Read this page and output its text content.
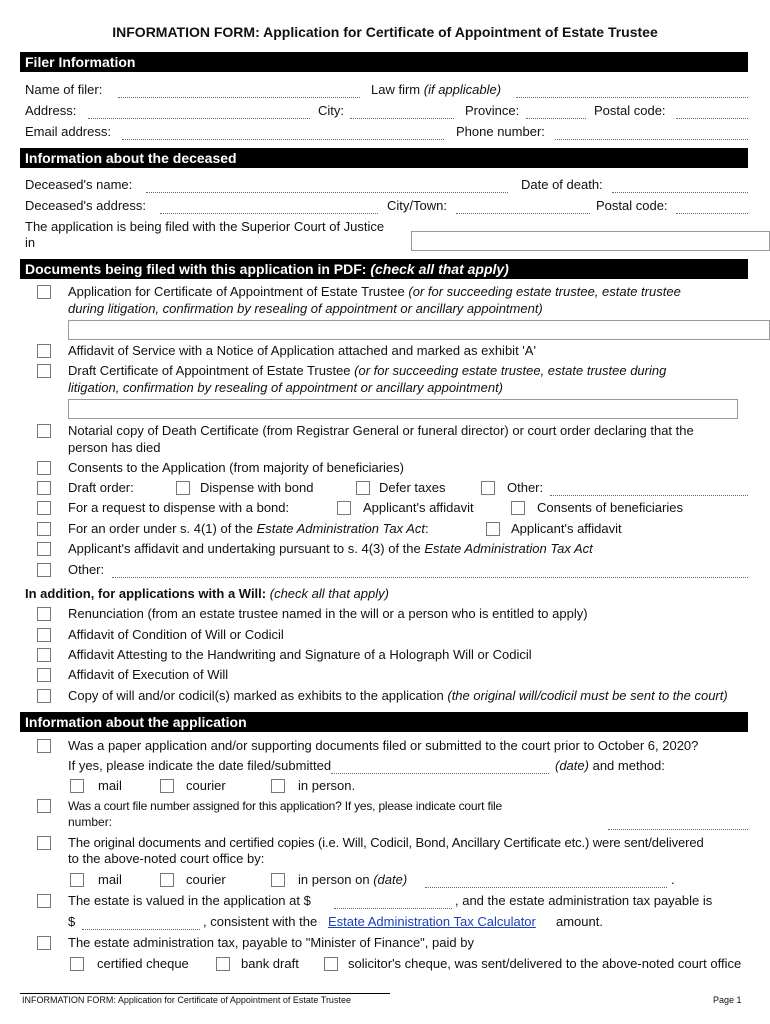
INFORMATION FORM: Application for Certificate of Appointment of Estate Trustee
Filer Information
Name of filer:	Law firm (if applicable)
Address:	City:	Province:	Postal code:
Email address:	Phone number:
Information about the deceased
Deceased's name:	Date of death:
Deceased's address:	City/Town:	Postal code:
The application is being filed with the Superior Court of Justice
in
Documents being filed with this application in PDF: (check all that apply)
Application for Certificate of Appointment of Estate Trustee (or for succeeding estate trustee, estate trustee
during litigation, confirmation by resealing of appointment or ancillary appointment)
Affidavit of Service with a Notice of Application attached and marked as exhibit 'A'
Draft Certificate of Appointment of Estate Trustee (or for succeeding estate trustee, estate trustee during
litigation, confirmation by resealing of appointment or ancillary appointment)
Notarial copy of Death Certificate (from Registrar General or funeral director) or court order declaring that the
person has died
Consents to the Application (from majority of beneficiaries)
Draft order:	Dispense with bond	Defer taxes	Other:
For a request to dispense with a bond:	Applicant's affidavit	Consents of beneficiaries
For an order under s. 4(1) of the Estate Administration Tax Act:	Applicant's affidavit
Applicant's affidavit and undertaking pursuant to s. 4(3) of the Estate Administration Tax Act
Other:
In addition, for applications with a Will: (check all that apply)
Renunciation (from an estate trustee named in the will or a person who is entitled to apply)
Affidavit of Condition of Will or Codicil
Affidavit Attesting to the Handwriting and Signature of a Holograph Will or Codicil
Affidavit of Execution of Will
Copy of will and/or codicil(s) marked as exhibits to the application (the original will/codicil must be sent to the court)
Information about the application
Was a paper application and/or supporting documents filed or submitted to the court prior to October 6, 2020?
If yes, please indicate the date filed/submitted	(date) and method:
mail	courier	in person.
Was a court file number assigned for this application? If yes, please indicate court file
number:
The original documents and certified copies (i.e. Will, Codicil, Bond, Ancillary Certificate etc.) were sent/delivered
to the above-noted court office by:
mail	courier	in person on (date)	.
The estate is valued in the application at $	, and the estate administration tax payable is
$	, consistent with the Estate Administration Tax Calculator amount.
The estate administration tax, payable to "Minister of Finance", paid by
certified cheque	bank draft	solicitor's cheque, was sent/delivered to the above-noted court office
INFORMATION FORM: Application for Certificate of Appointment of Estate Trustee	Page 1
